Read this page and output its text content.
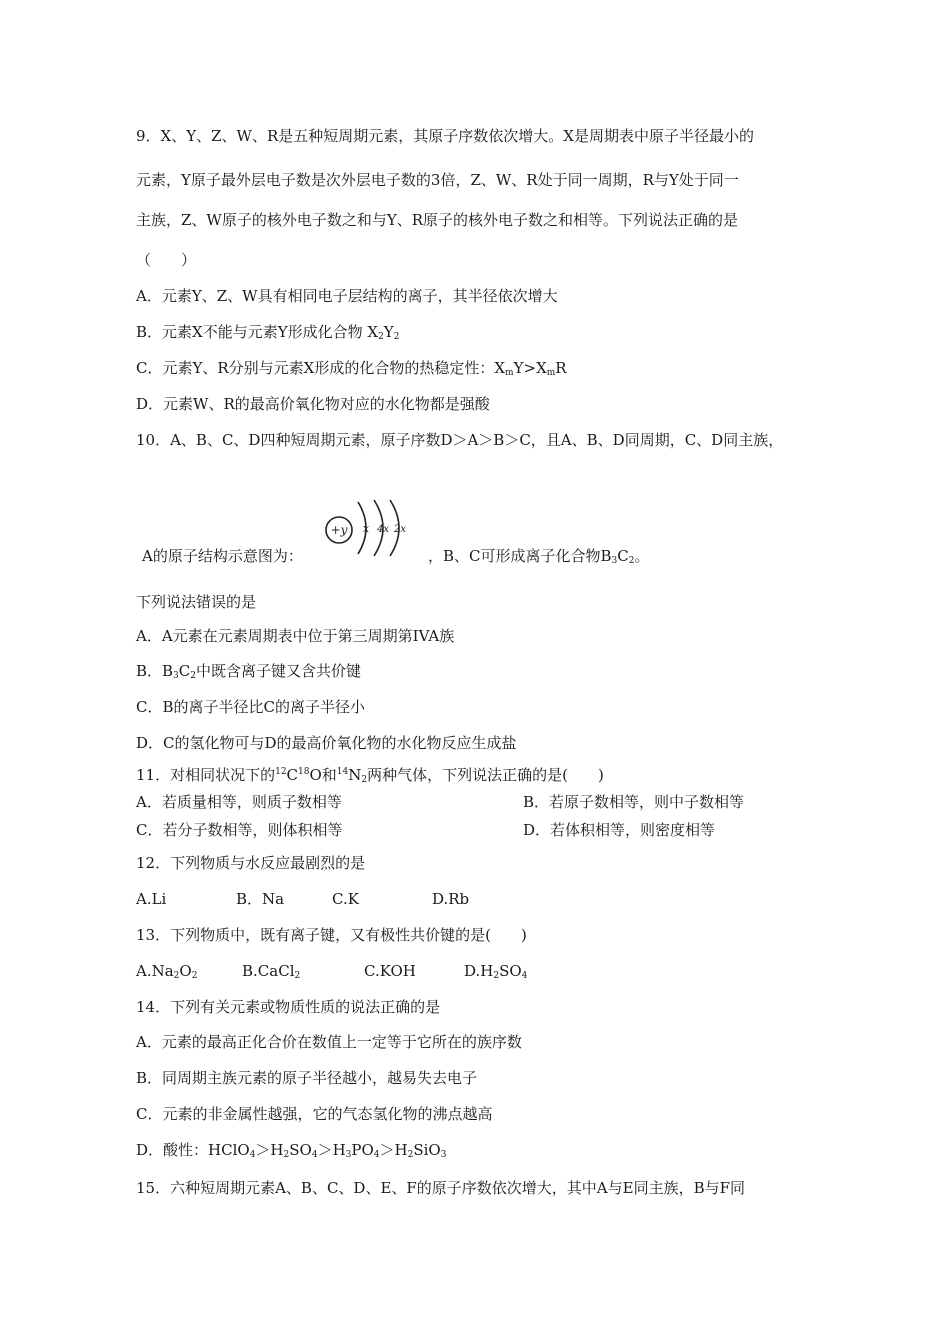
9．X、Y、Z、W、R是五种短周期元素，其原子序数依次增大。X是周期表中原子半径最小的
元素，Y原子最外层电子数是次外层电子数的3倍，Z、W、R处于同一周期，R与Y处于同一
主族，Z、W原子的核外电子数之和与Y、R原子的核外电子数之和相等。下列说法正确的是
（　　）
A．元素Y、Z、W具有相同电子层结构的离子，其半径依次增大
B．元素X不能与元素Y形成化合物 $X_2Y_2$
C．元素Y、R分别与元素X形成的化合物的热稳定性：$X_mY>X_mR$
D．元素W、R的最高价氧化物对应的水化物都是强酸
10．A、B、C、D四种短周期元素，原子序数D＞A＞B＞C，且A、B、D同周期，C、D同主族，
+y x 4x 2x
A的原子结构示意图为：	，B、C可形成离子化合物$B_3C_2$。
下列说法错误的是
A．A元素在元素周期表中位于第三周期第IVA族
B．$B_3C_2$中既含离子键又含共价键
C．B的离子半径比C的离子半径小
D．C的氢化物可与D的最高价氧化物的水化物反应生成盐
11．对相同状况下的$^{12}C^{18}O$和$^{14}N_2$两种气体，下列说法正确的是(　　)
A．若质量相等，则质子数相等	B．若原子数相等，则中子数相等
C．若分子数相等，则体积相等	D．若体积相等，则密度相等
12．下列物质与水反应最剧烈的是
A.Li	B．Na	C.K	D.Rb
13．下列物质中，既有离子键，又有极性共价键的是(　　)
$A.Na_2O_2$	B.CaCl$_2$	C.KOH	$D.H_2SO_4$
14．下列有关元素或物质性质的说法正确的是
A．元素的最高正化合价在数值上一定等于它所在的族序数
B．同周期主族元素的原子半径越小，越易失去电子
C．元素的非金属性越强，它的气态氢化物的沸点越高
D．酸性：$HClO_4>H_2SO_4>H_3PO_4>H_2SiO_3$
15．六种短周期元素A、B、C、D、E、F的原子序数依次增大，其中A与E同主族，B与F同
